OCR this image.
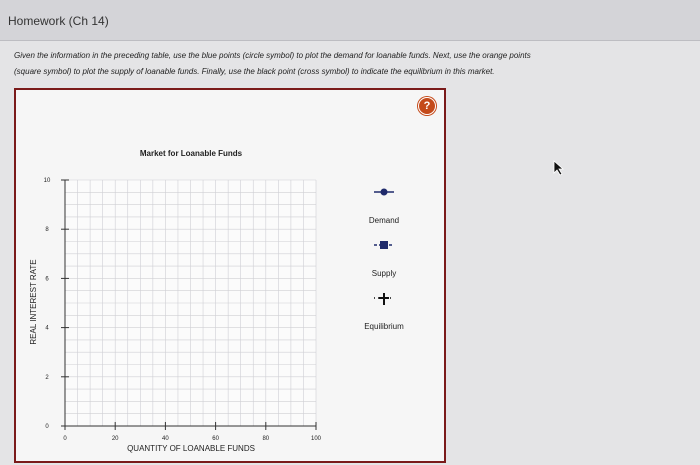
Homework (Ch 14)
Given the information in the preceding table, use the blue points (circle symbol) to plot the demand for loanable funds. Next, use the orange points
(square symbol) to plot the supply of loanable funds. Finally, use the black point (cross symbol) to indicate the equilibrium in this market.
?
Market for Loanable Funds
0
2
4
6
8
10
0	20	40	60	80	100
REAL INTEREST RATE
QUANTITY OF LOANABLE FUNDS
Demand
Supply
Equilibrium
